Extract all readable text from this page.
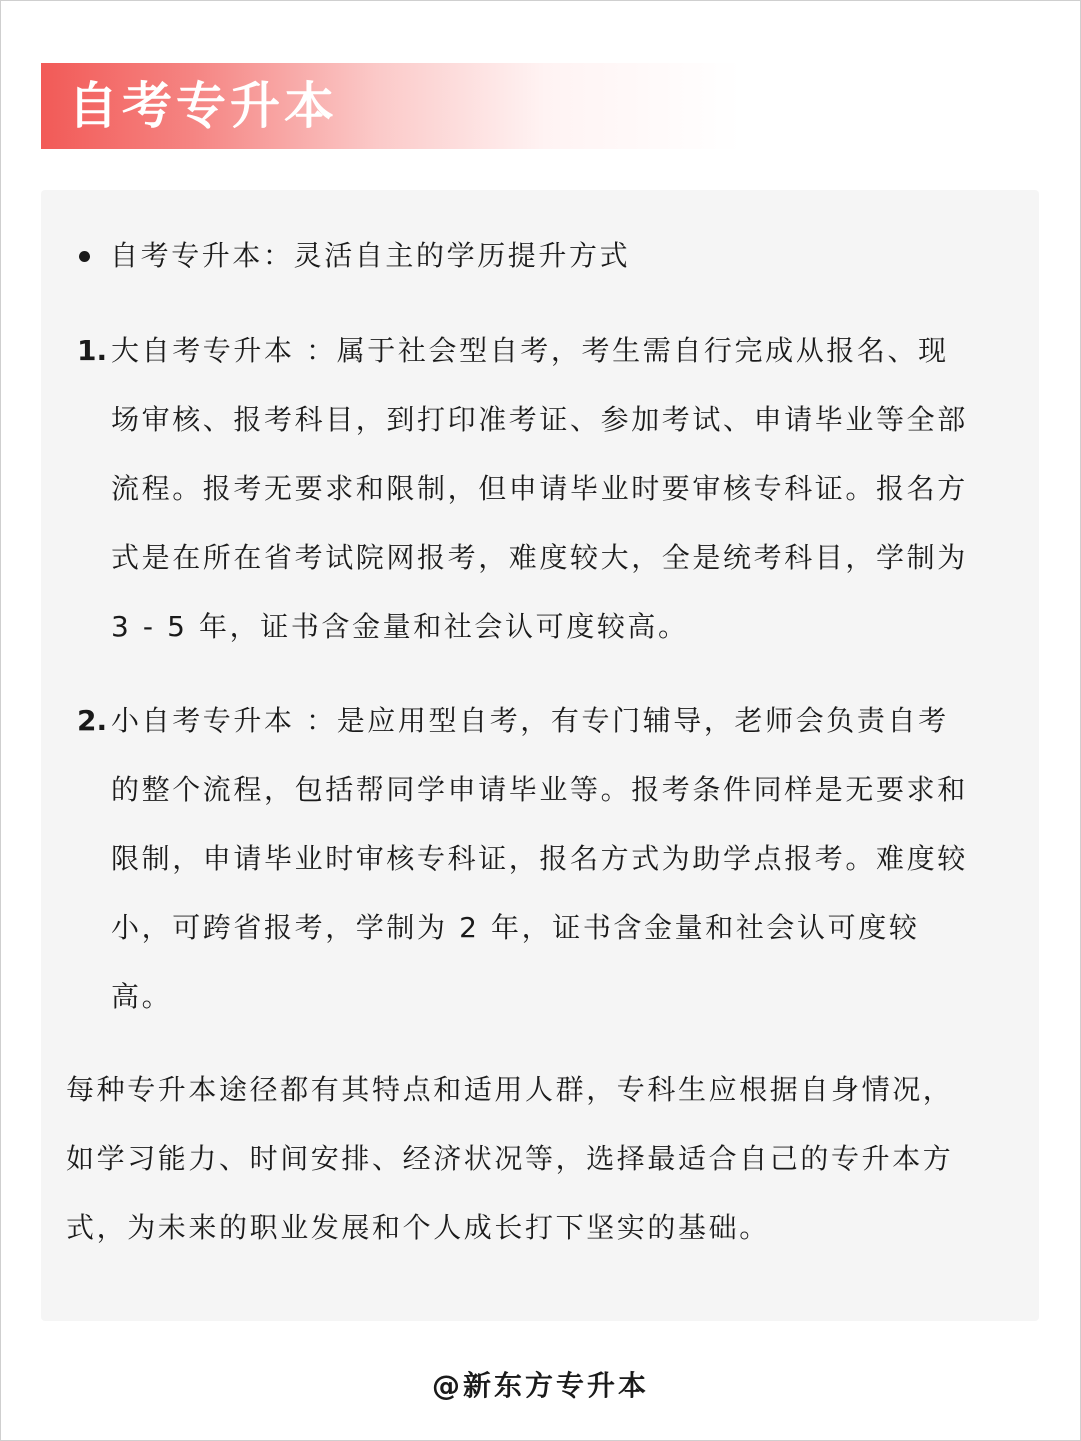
自考专升本
自考专升本：灵活自主的学历提升方式
1. 大自考专升本 ：属于社会型自考，考生需自行完成从报名、现
场审核、报考科目，到打印准考证、参加考试、申请毕业等全部
流程。报考无要求和限制，但申请毕业时要审核专科证。报名方
式是在所在省考试院网报考，难度较大，全是统考科目，学制为
3 - 5 年，证书含金量和社会认可度较高。
2. 小自考专升本 ：是应用型自考，有专门辅导，老师会负责自考
的整个流程，包括帮同学申请毕业等。报考条件同样是无要求和
限制，申请毕业时审核专科证，报名方式为助学点报考。难度较
小，可跨省报考，学制为 2 年，证书含金量和社会认可度较
高。
每种专升本途径都有其特点和适用人群，专科生应根据自身情况，
如学习能力、时间安排、经济状况等，选择最适合自己的专升本方
式，为未来的职业发展和个人成长打下坚实的基础。
@新东方专升本
